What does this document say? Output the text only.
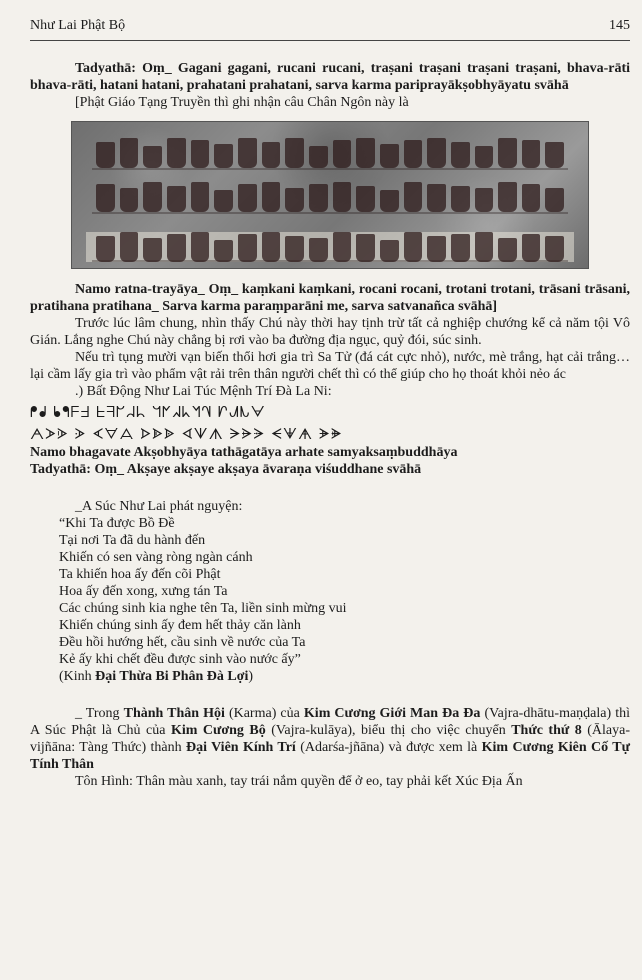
Như Lai Phật Bộ	145

Tadyathā: Oṃ_ Gagani gagani, rucani rucani, traṣani traṣani traṣani traṣani, bhava-rāti bhava-rāti, hatani hatani, prahatani prahatani, sarva karma pariprayākṣobhyāyatu svāhā

[Phật Giáo Tạng Truyền thì ghi nhận câu Chân Ngôn này là

Namo ratna-trayāya_ Oṃ_ kaṃkani kaṃkani, rocani rocani, trotani trotani, trāsani trāsani, pratihana pratihana_ Sarva karma paraṃparāni me, sarva satvanañca svāhā]

Trước lúc lâm chung, nhìn thấy Chú này thời hay tịnh trừ tất cả nghiệp chướng kể cả năm tội Vô Gián. Lắng nghe Chú này chẳng bị rơi vào ba đường địa ngục, quỷ đói, súc sinh.

Nếu trì tụng mười vạn biến thổi hơi gia trì Sa Tử (đá cát cực nhỏ), nước, mè trắng, hạt cải trắng… lại cầm lấy gia trì vào phẩm vật rải trên thân người chết thì có thể giúp cho họ thoát khỏi nẻo ác

.) Bất Động Như Lai Túc Mệnh Trí Đà La Ni:

ᖰᖱ ᖲᖳᖴᖵ ᖶᖷᖸᖹᖺ ᖻᖼᖽᖾᖿᗀ ᗁᗂᗃᗄ
ᗅᗆᗇ ᗈ ᗉᗊᗋ ᗌᗍᗎ ᗏᗐᗑ ᗒᗓᗔ ᗕᗖᗗ ᗘᗙ

Namo bhagavate Akṣobhyāya tathāgatāya arhate samyaksaṃbuddhāya

Tadyathā: Oṃ_ Akṣaye akṣaye akṣaya āvaraṇa viśuddhane svāhā

_A Súc Như Lai phát nguyện:

“Khi Ta được Bồ Đề
Tại nơi Ta đã du hành đến
Khiến có sen vàng ròng ngàn cánh
Ta khiến hoa ấy đến cõi Phật
Hoa ấy đến xong, xưng tán Ta
Các chúng sinh kia nghe tên Ta, liền sinh mừng vui
Khiến chúng sinh ấy đem hết thảy căn lành
Đều hồi hướng hết, cầu sinh về nước của Ta
Kẻ ấy khi chết đều được sinh vào nước ấy”
(Kinh Đại Thừa Bi Phân Đà Lợi)

_ Trong Thành Thân Hội (Karma) của Kim Cương Giới Man Đa Đa (Vajra-dhātu-maṇḍala) thì A Súc Phật là Chủ của Kim Cương Bộ (Vajra-kulāya), biểu thị cho việc chuyển Thức thứ 8 (Ālaya-vijñāna: Tàng Thức) thành Đại Viên Kính Trí (Adarśa-jñāna) và được xem là Kim Cương Kiên Cố Tự Tính Thân

Tôn Hình: Thân màu xanh, tay trái nắm quyền để ở eo, tay phải kết Xúc Địa Ấn
